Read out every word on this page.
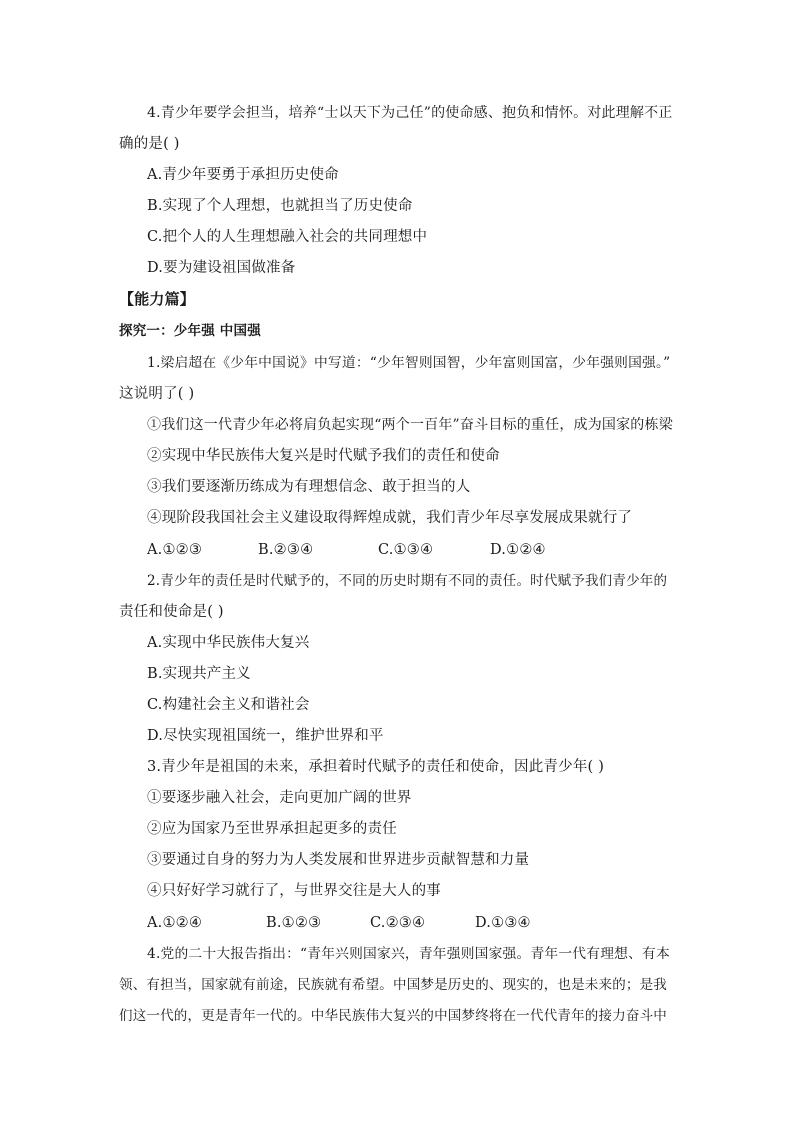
4.青少年要学会担当，培养“士以天下为己任”的使命感、抱负和情怀。对此理解不正
确的是( )
A.青少年要勇于承担历史使命
B.实现了个人理想，也就担当了历史使命
C.把个人的人生理想融入社会的共同理想中
D.要为建设祖国做准备
【能力篇】
探究一：少年强 中国强
1.梁启超在《少年中国说》中写道：“少年智则国智，少年富则国富，少年强则国强。”
这说明了( )
①我们这一代青少年必将肩负起实现“两个一百年”奋斗目标的重任，成为国家的栋梁
②实现中华民族伟大复兴是时代赋予我们的责任和使命
③我们要逐渐历练成为有理想信念、敢于担当的人
④现阶段我国社会主义建设取得辉煌成就，我们青少年尽享发展成果就行了
A.①②③	B.②③④	C.①③④	D.①②④
2.青少年的责任是时代赋予的，不同的历史时期有不同的责任。时代赋予我们青少年的
责任和使命是( )
A.实现中华民族伟大复兴
B.实现共产主义
C.构建社会主义和谐社会
D.尽快实现祖国统一，维护世界和平
3.青少年是祖国的未来，承担着时代赋予的责任和使命，因此青少年( )
①要逐步融入社会，走向更加广阔的世界
②应为国家乃至世界承担起更多的责任
③要通过自身的努力为人类发展和世界进步贡献智慧和力量
④只好好学习就行了，与世界交往是大人的事
A.①②④	B.①②③	C.②③④	D.①③④
4.党的二十大报告指出：“青年兴则国家兴，青年强则国家强。青年一代有理想、有本
领、有担当，国家就有前途，民族就有希望。中国梦是历史的、现实的，也是未来的；是我
们这一代的，更是青年一代的。中华民族伟大复兴的中国梦终将在一代代青年的接力奋斗中
